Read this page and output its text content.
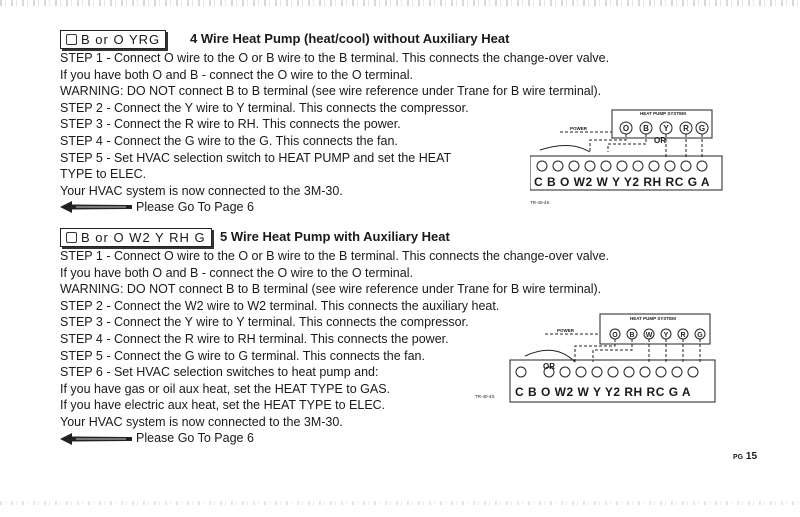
B or O YRG	4 Wire Heat Pump (heat/cool) without Auxiliary Heat
STEP 1 - Connect O wire to the O or B wire to the B terminal. This connects the change-over valve.
If you have both O and B - connect the O wire to the O terminal.
WARNING: DO NOT connect B to B terminal (see wire reference under Trane for B wire terminal).
STEP 2 - Connect the Y wire to Y terminal. This connects the compressor.
STEP 3 - Connect the R wire to RH. This connects the power.
STEP 4 - Connect the G wire to the G. This connects the fan.
STEP 5 - Set HVAC selection switch to HEAT PUMP and set the HEAT
TYPE to ELEC.
Your HVAC system is now connected to the 3M-30.
Please Go To Page 6
O B Y R G
HEAT PUMP SYSTEM
POWER
OR
C B O W2 W Y Y2 RH RC G A
TR-40-4S
B or O W2 Y RH G	5 Wire Heat Pump with Auxiliary Heat
STEP 1 - Connect O wire to the O or B wire to the B terminal. This connects the change-over valve.
If you have both O and B - connect the O wire to the O terminal.
WARNING: DO NOT connect B to B terminal (see wire reference under Trane for B wire terminal).
STEP 2 - Connect the W2 wire to W2 terminal. This connects the auxiliary heat.
STEP 3 - Connect the Y wire to Y terminal. This connects the compressor.
STEP 4 - Connect the R wire to RH terminal. This connects the power.
STEP 5 - Connect the G wire to G terminal. This connects the fan.
STEP 6 - Set HVAC selection switches to heat pump and:
If you have gas or oil aux heat, set the HEAT TYPE to GAS.
If you have electric aux heat, set the HEAT TYPE to ELEC.
Your HVAC system is now connected to the 3M-30.
Please Go To Page 6
O B W Y R G
HEAT PUMP SYSTEM
POWER
OR
C B O W2 W Y Y2 RH RC G A
TR-40-4S
PG 15
